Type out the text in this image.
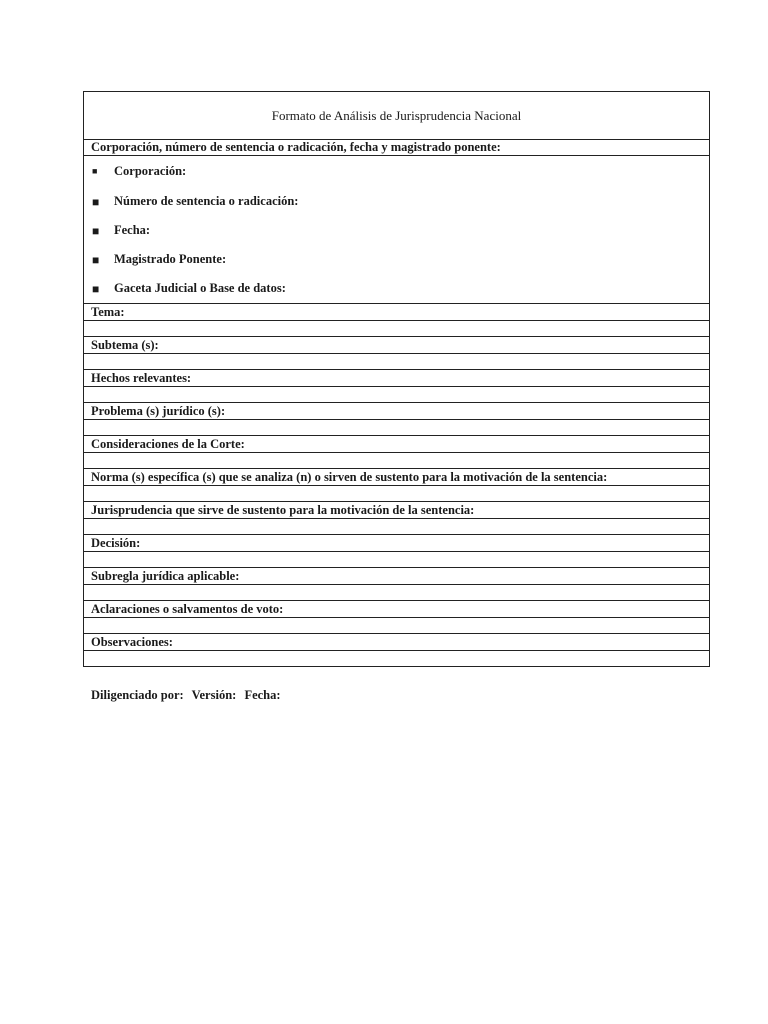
Formato de Análisis de Jurisprudencia Nacional
Corporación, número de sentencia o radicación, fecha y magistrado ponente:

■	Corporación:
■	Número de sentencia o radicación:
■	Fecha:
■	Magistrado Ponente:
■	Gaceta Judicial o Base de datos:

Tema:

Subtema (s):

Hechos relevantes:

Problema (s) jurídico (s):

Consideraciones de la Corte:

Norma (s) específica (s) que se analiza (n) o sirven de sustento para la motivación de la sentencia:

Jurisprudencia que sirve de sustento para la motivación de la sentencia:

Decisión:

Subregla jurídica aplicable:

Aclaraciones o salvamentos de voto:

Observaciones:

Diligenciado por: Versión: Fecha:
